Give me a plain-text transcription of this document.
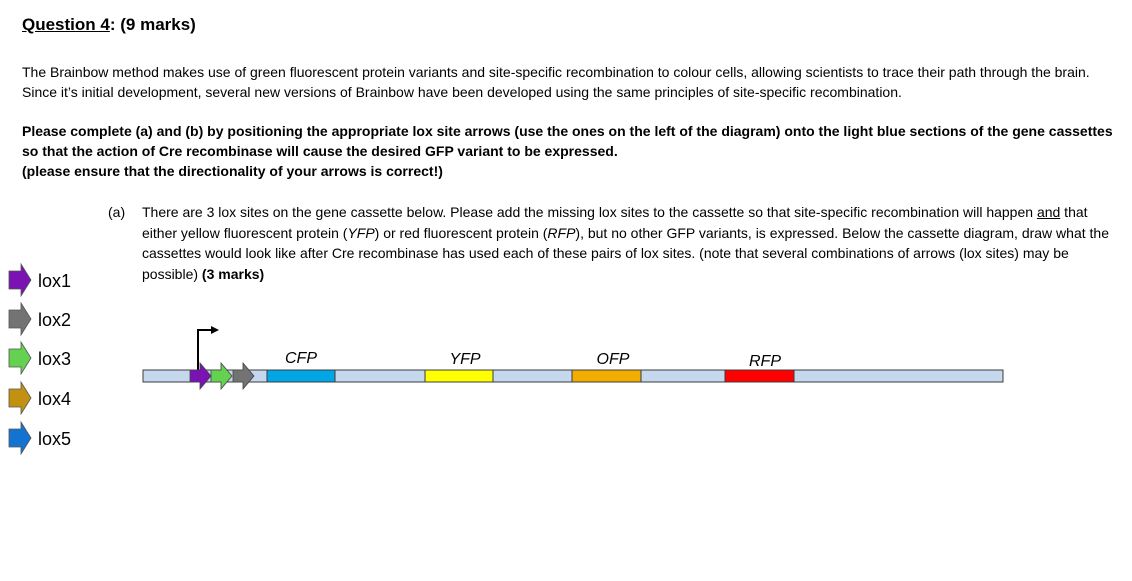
Question 4: (9 marks)
The Brainbow method makes use of green fluorescent protein variants and site-specific recombination to colour cells, allowing scientists to trace their path through the brain. Since it’s initial development, several new versions of Brainbow have been developed using the same principles of site-specific recombination.
Please complete (a) and (b) by positioning the appropriate lox site arrows (use the ones on the left of the diagram) onto the light blue sections of the gene cassettes so that the action of Cre recombinase will cause the desired GFP variant to be expressed.
(please ensure that the directionality of your arrows is correct!)
(a) There are 3 lox sites on the gene cassette below. Please add the missing lox sites to the cassette so that site-specific recombination will happen and that either yellow fluorescent protein (YFP) or red fluorescent protein (RFP), but no other GFP variants, is expressed. Below the cassette diagram, draw what the cassettes would look like after Cre recombinase has used each of these pairs of lox sites. (note that several combinations of arrows (lox sites) may be possible) (3 marks)
lox1
lox2
lox3
lox4
lox5
CFP	YFP	OFP	RFP
